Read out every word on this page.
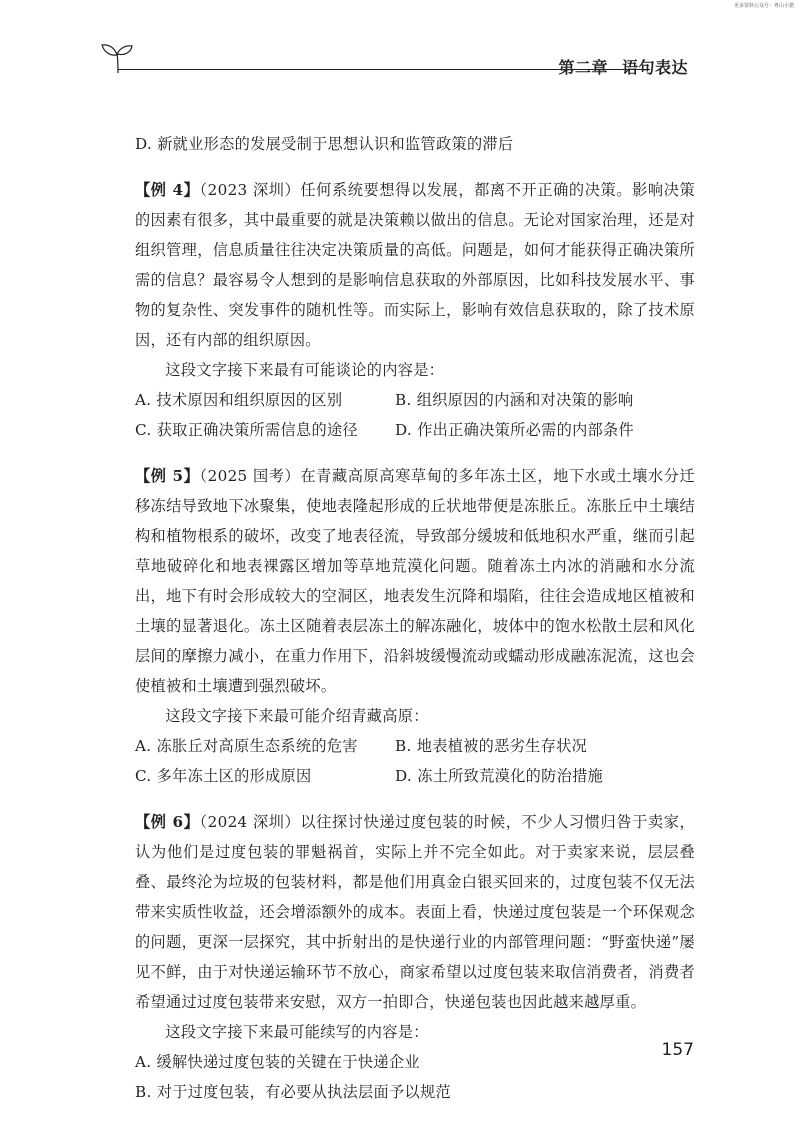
更多资料公众号：粤山小猪
第二章 语句表达

D. 新就业形态的发展受制于思想认识和监管政策的滞后

【例 4】（2023 深圳）任何系统要想得以发展，都离不开正确的决策。影响决策的因素有很多，其中最重要的就是决策赖以做出的信息。无论对国家治理，还是对组织管理，信息质量往往决定决策质量的高低。问题是，如何才能获得正确决策所需的信息？最容易令人想到的是影响信息获取的外部原因，比如科技发展水平、事物的复杂性、突发事件的随机性等。而实际上，影响有效信息获取的，除了技术原因，还有内部的组织原因。

这段文字接下来最有可能谈论的内容是：

A. 技术原因和组织原因的区别	B. 组织原因的内涵和对决策的影响
C. 获取正确决策所需信息的途径	D. 作出正确决策所必需的内部条件

【例 5】（2025 国考）在青藏高原高寒草甸的多年冻土区，地下水或土壤水分迁移冻结导致地下冰聚集，使地表隆起形成的丘状地带便是冻胀丘。冻胀丘中土壤结构和植物根系的破坏，改变了地表径流，导致部分缓坡和低地积水严重，继而引起草地破碎化和地表裸露区增加等草地荒漠化问题。随着冻土内冰的消融和水分流出，地下有时会形成较大的空洞区，地表发生沉降和塌陷，往往会造成地区植被和土壤的显著退化。冻土区随着表层冻土的解冻融化，坡体中的饱水松散土层和风化层间的摩擦力减小，在重力作用下，沿斜坡缓慢流动或蠕动形成融冻泥流，这也会使植被和土壤遭到强烈破坏。

这段文字接下来最可能介绍青藏高原：

A. 冻胀丘对高原生态系统的危害	B. 地表植被的恶劣生存状况
C. 多年冻土区的形成原因	D. 冻土所致荒漠化的防治措施

【例 6】（2024 深圳）以往探讨快递过度包装的时候，不少人习惯归咎于卖家，认为他们是过度包装的罪魁祸首，实际上并不完全如此。对于卖家来说，层层叠叠、最终沦为垃圾的包装材料，都是他们用真金白银买回来的，过度包装不仅无法带来实质性收益，还会增添额外的成本。表面上看，快递过度包装是一个环保观念的问题，更深一层探究，其中折射出的是快递行业的内部管理问题：“野蛮快递”屡见不鲜，由于对快递运输环节不放心，商家希望以过度包装来取信消费者，消费者希望通过过度包装带来安慰，双方一拍即合，快递包装也因此越来越厚重。

这段文字接下来最可能续写的内容是：

A. 缓解快递过度包装的关键在于快递企业

B. 对于过度包装，有必要从执法层面予以规范

157
